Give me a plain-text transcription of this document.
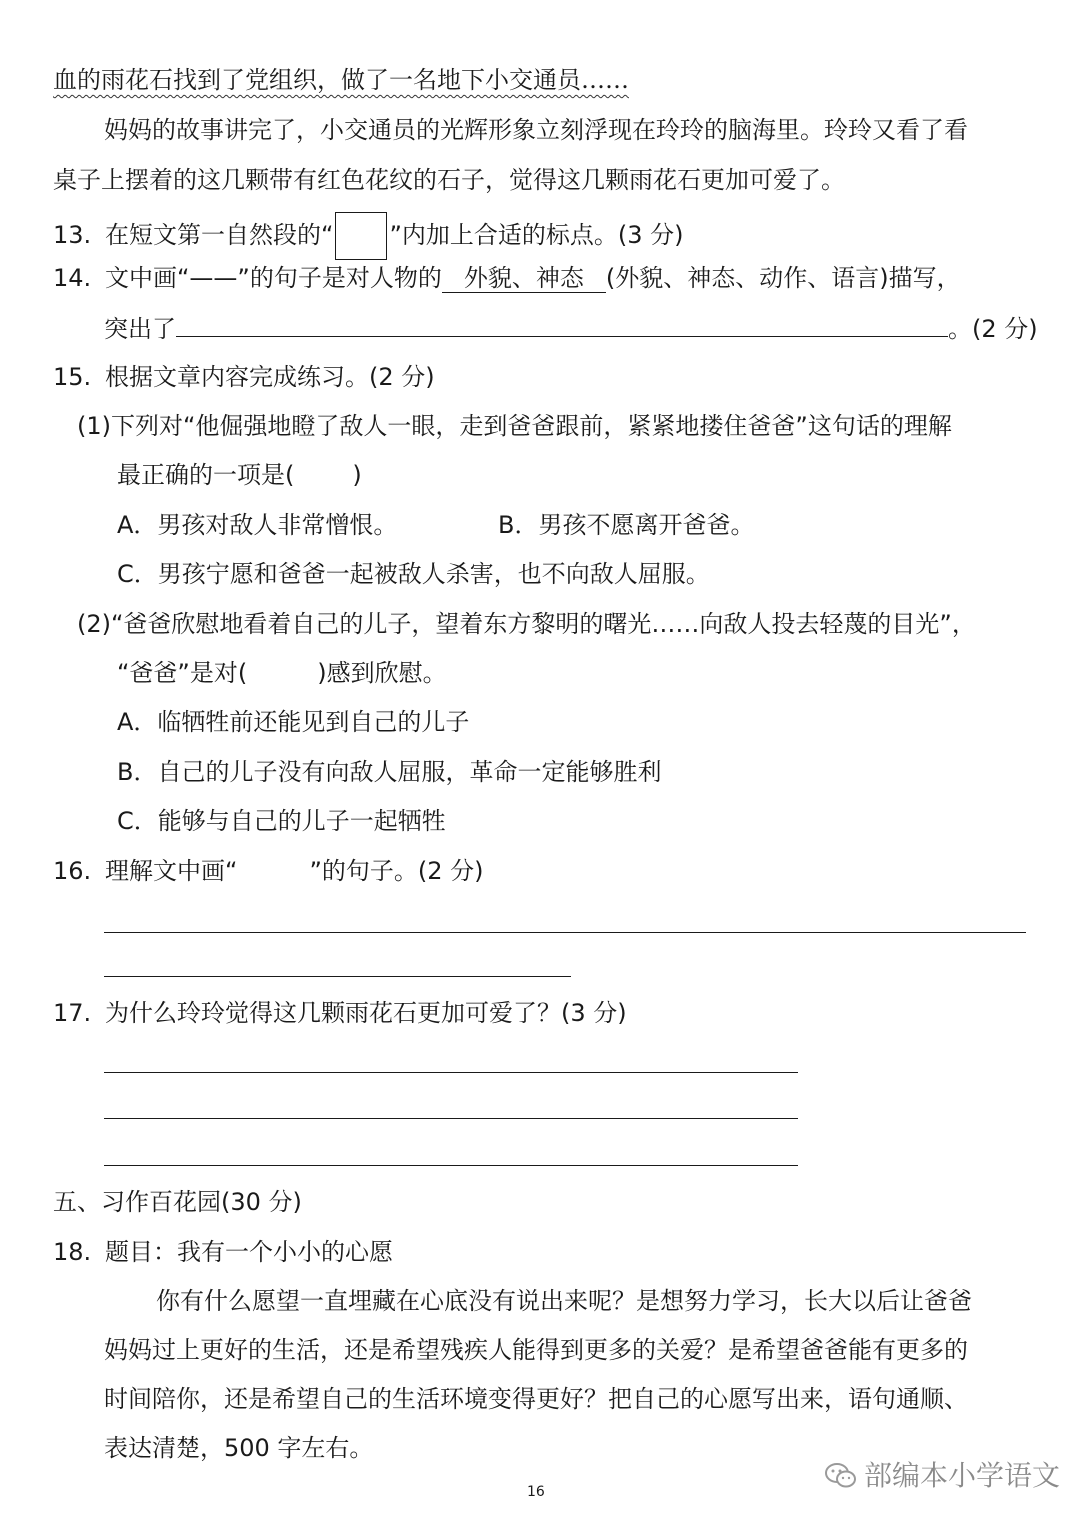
血的雨花石找到了党组织，做了一名地下小交通员……
妈妈的故事讲完了，小交通员的光辉形象立刻浮现在玲玲的脑海里。玲玲又看了看
桌子上摆着的这几颗带有红色花纹的石子，觉得这几颗雨花石更加可爱了。
13. 在短文第一自然段的“ ”内加上合适的标点。(3 分)
14. 文中画“——”的句子是对人物的 外貌、神态 (外貌、神态、动作、语言)描写，
突出了	。(2 分)
15. 根据文章内容完成练习。(2 分)
(1)下列对“他倔强地瞪了敌人一眼，走到爸爸跟前，紧紧地搂住爸爸”这句话的理解
最正确的一项是( )
A．男孩对敌人非常憎恨。	B．男孩不愿离开爸爸。
C．男孩宁愿和爸爸一起被敌人杀害，也不向敌人屈服。
(2)“爸爸欣慰地看着自己的儿子，望着东方黎明的曙光……向敌人投去轻蔑的目光”，
“爸爸”是对(	)感到欣慰。
A．临牺牲前还能见到自己的儿子
B．自己的儿子没有向敌人屈服，革命一定能够胜利
C．能够与自己的儿子一起牺牲
16. 理解文中画“	”的句子。(2 分)
17. 为什么玲玲觉得这几颗雨花石更加可爱了？(3 分)
五、习作百花园(30 分)
18. 题目：我有一个小小的心愿
你有什么愿望一直埋藏在心底没有说出来呢？是想努力学习，长大以后让爸爸
妈妈过上更好的生活，还是希望残疾人能得到更多的关爱？是希望爸爸能有更多的
时间陪你，还是希望自己的生活环境变得更好？把自己的心愿写出来，语句通顺、
表达清楚，500 字左右。
16	部编本小学语文
